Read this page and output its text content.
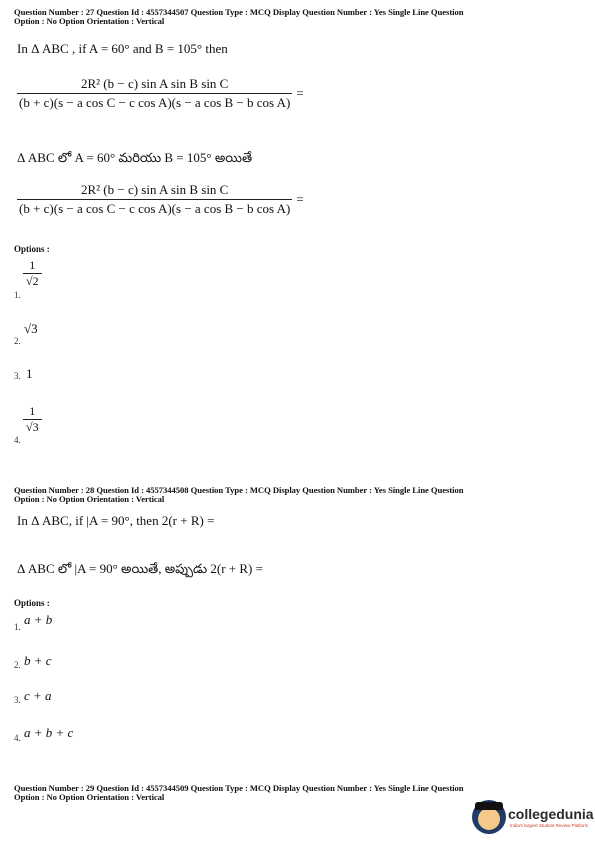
Question Number : 27 Question Id : 4557344507 Question Type : MCQ Display Question Number : Yes Single Line Question
Option : No Option Orientation : Vertical
In Δ ABC , if A = 60° and B = 105° then
$\frac{\text{2R² (b − c) sin A sin B sin C}}{\text{(b + c)(s − a cos C − c cos A)(s − a cos B − b cos A)}}$ =
Δ ABC లో A = 60° మరియు B = 105° అయితే
$\frac{\text{2R² (b − c) sin A sin B sin C}}{\text{(b + c)(s − a cos C − c cos A)(s − a cos B − b cos A)}}$ =
Options :
1.
$\frac{1}{√2}$
2.
√3
3. 1
4.
$\frac{1}{√3}$
Question Number : 28 Question Id : 4557344508 Question Type : MCQ Display Question Number : Yes Single Line Question
Option : No Option Orientation : Vertical
In Δ ABC, if |A = 90°, then 2(r + R) =
Δ ABC లో |A = 90° అయితే, అప్పుడు 2(r + R) =
Options :
1. a + b
2. b + c
3. c + a
4. a + b + c
Question Number : 29 Question Id : 4557344509 Question Type : MCQ Display Question Number : Yes Single Line Question
Option : No Option Orientation : Vertical
collegedunia
India's largest Student Review Platform
